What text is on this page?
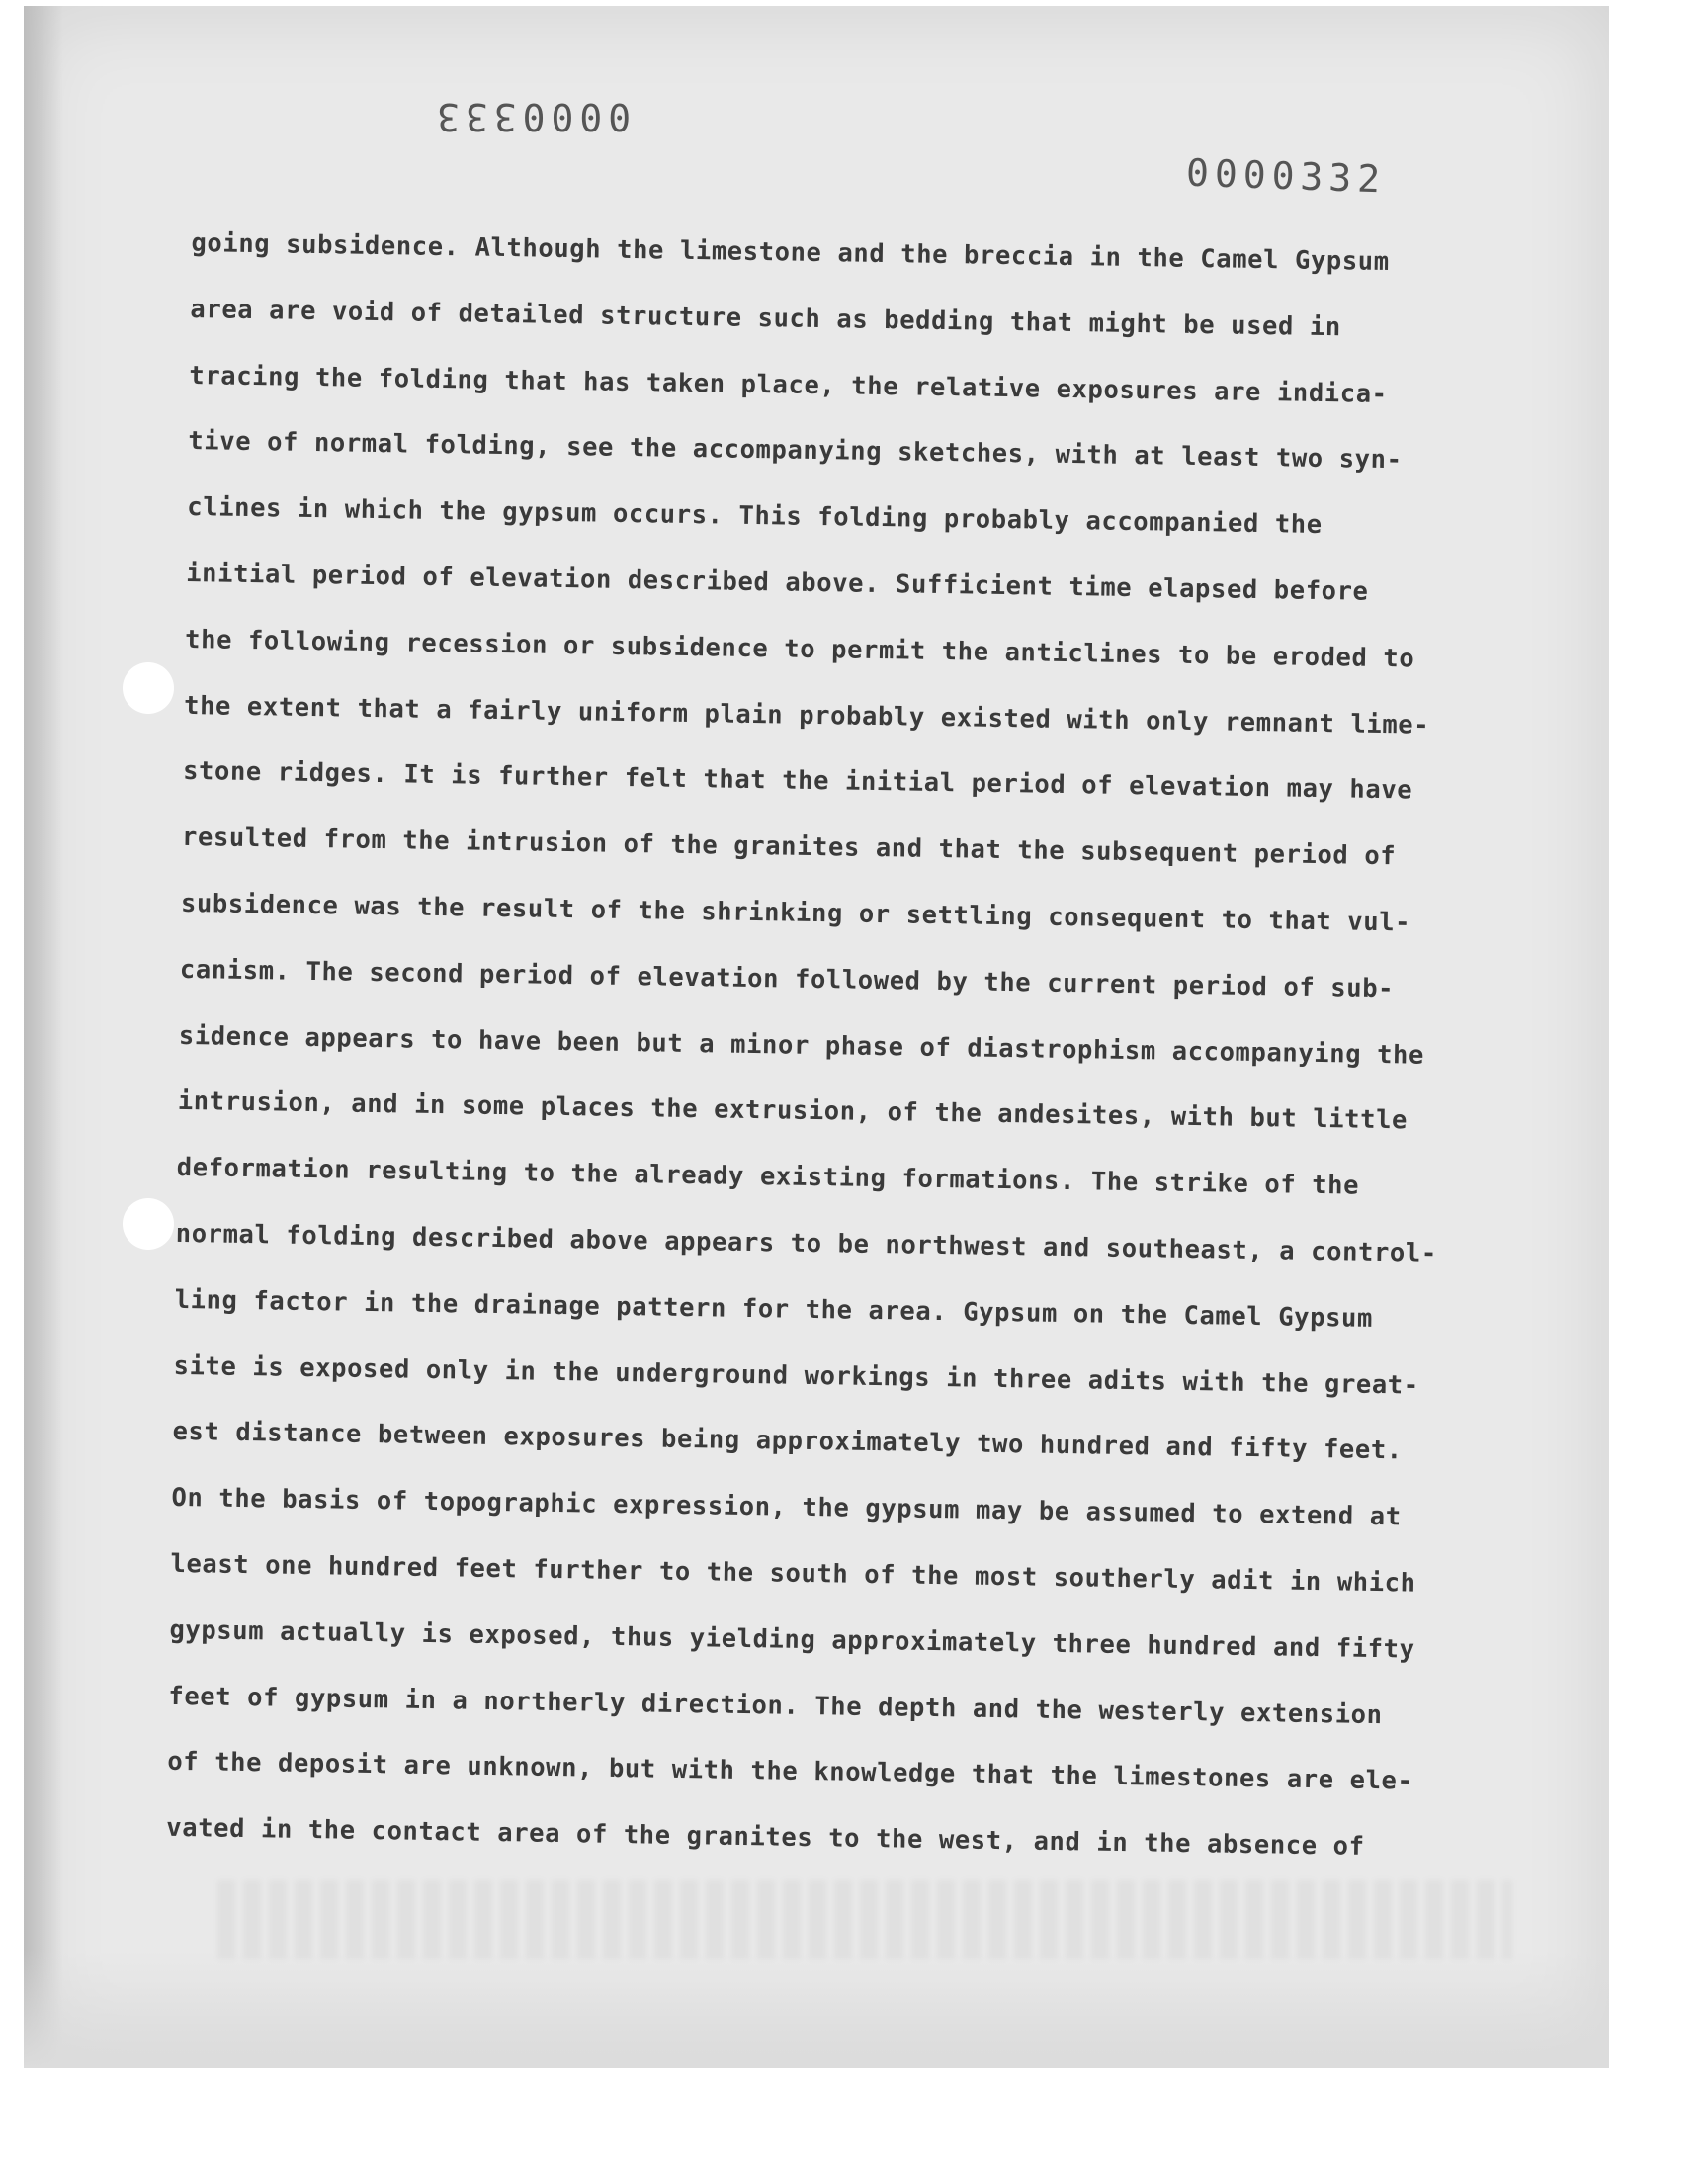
0000333
0000332
going subsidence. Although the limestone and the breccia in the Camel Gypsum
area are void of detailed structure such as bedding that might be used in
tracing the folding that has taken place, the relative exposures are indica-
tive of normal folding, see the accompanying sketches, with at least two syn-
clines in which the gypsum occurs. This folding probably accompanied the
initial period of elevation described above. Sufficient time elapsed before
the following recession or subsidence to permit the anticlines to be eroded to
the extent that a fairly uniform plain probably existed with only remnant lime-
stone ridges. It is further felt that the initial period of elevation may have
resulted from the intrusion of the granites and that the subsequent period of
subsidence was the result of the shrinking or settling consequent to that vul-
canism. The second period of elevation followed by the current period of sub-
sidence appears to have been but a minor phase of diastrophism accompanying the
intrusion, and in some places the extrusion, of the andesites, with but little
deformation resulting to the already existing formations. The strike of the
normal folding described above appears to be northwest and southeast, a control-
ling factor in the drainage pattern for the area. Gypsum on the Camel Gypsum
site is exposed only in the underground workings in three adits with the great-
est distance between exposures being approximately two hundred and fifty feet.
On the basis of topographic expression, the gypsum may be assumed to extend at
least one hundred feet further to the south of the most southerly adit in which
gypsum actually is exposed, thus yielding approximately three hundred and fifty
feet of gypsum in a northerly direction. The depth and the westerly extension
of the deposit are unknown, but with the knowledge that the limestones are ele-
vated in the contact area of the granites to the west, and in the absence of
